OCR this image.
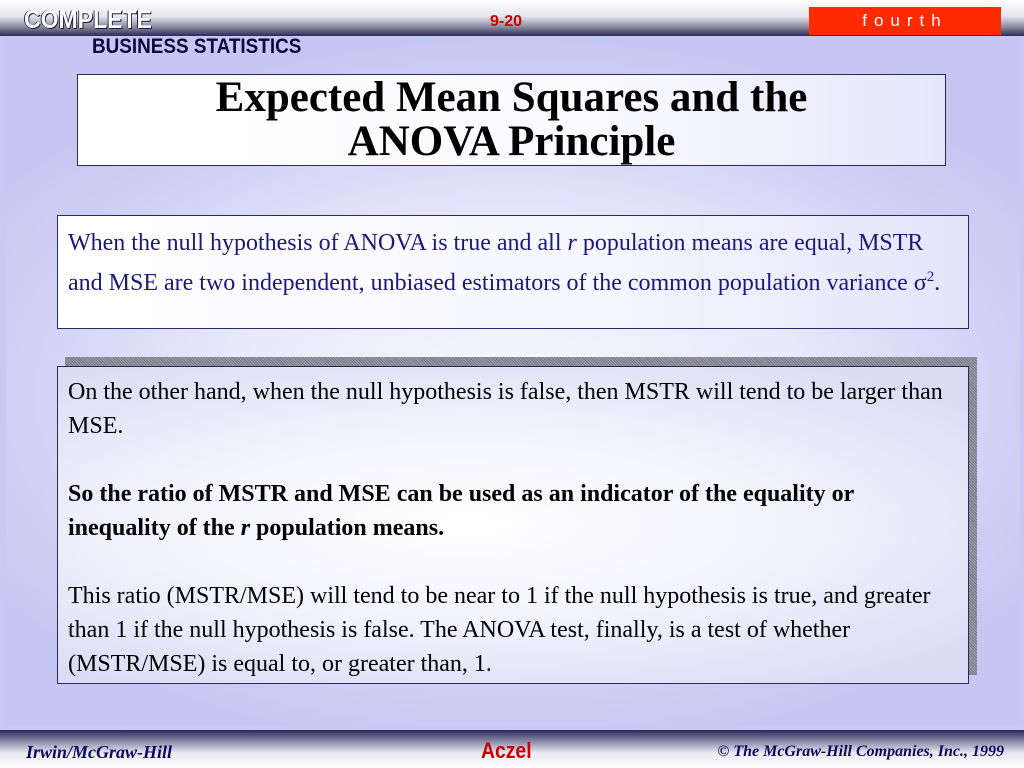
COMPLETE	9-20	fourth
BUSINESS STATISTICS
Expected Mean Squares and the
ANOVA Principle
When the null hypothesis of ANOVA is true and all r population means are equal, MSTR and MSE are two independent, unbiased estimators of the common population variance $\sigma^2$.

On the other hand, when the null hypothesis is false, then MSTR will tend to be larger than MSE.

So the ratio of MSTR and MSE can be used as an indicator of the equality or inequality of the r population means.

This ratio (MSTR/MSE) will tend to be near to 1 if the null hypothesis is true, and greater than 1 if the null hypothesis is false. The ANOVA test, finally, is a test of whether (MSTR/MSE) is equal to, or greater than, 1.

Irwin/McGraw-Hill	Aczel	© The McGraw-Hill Companies, Inc., 1999
